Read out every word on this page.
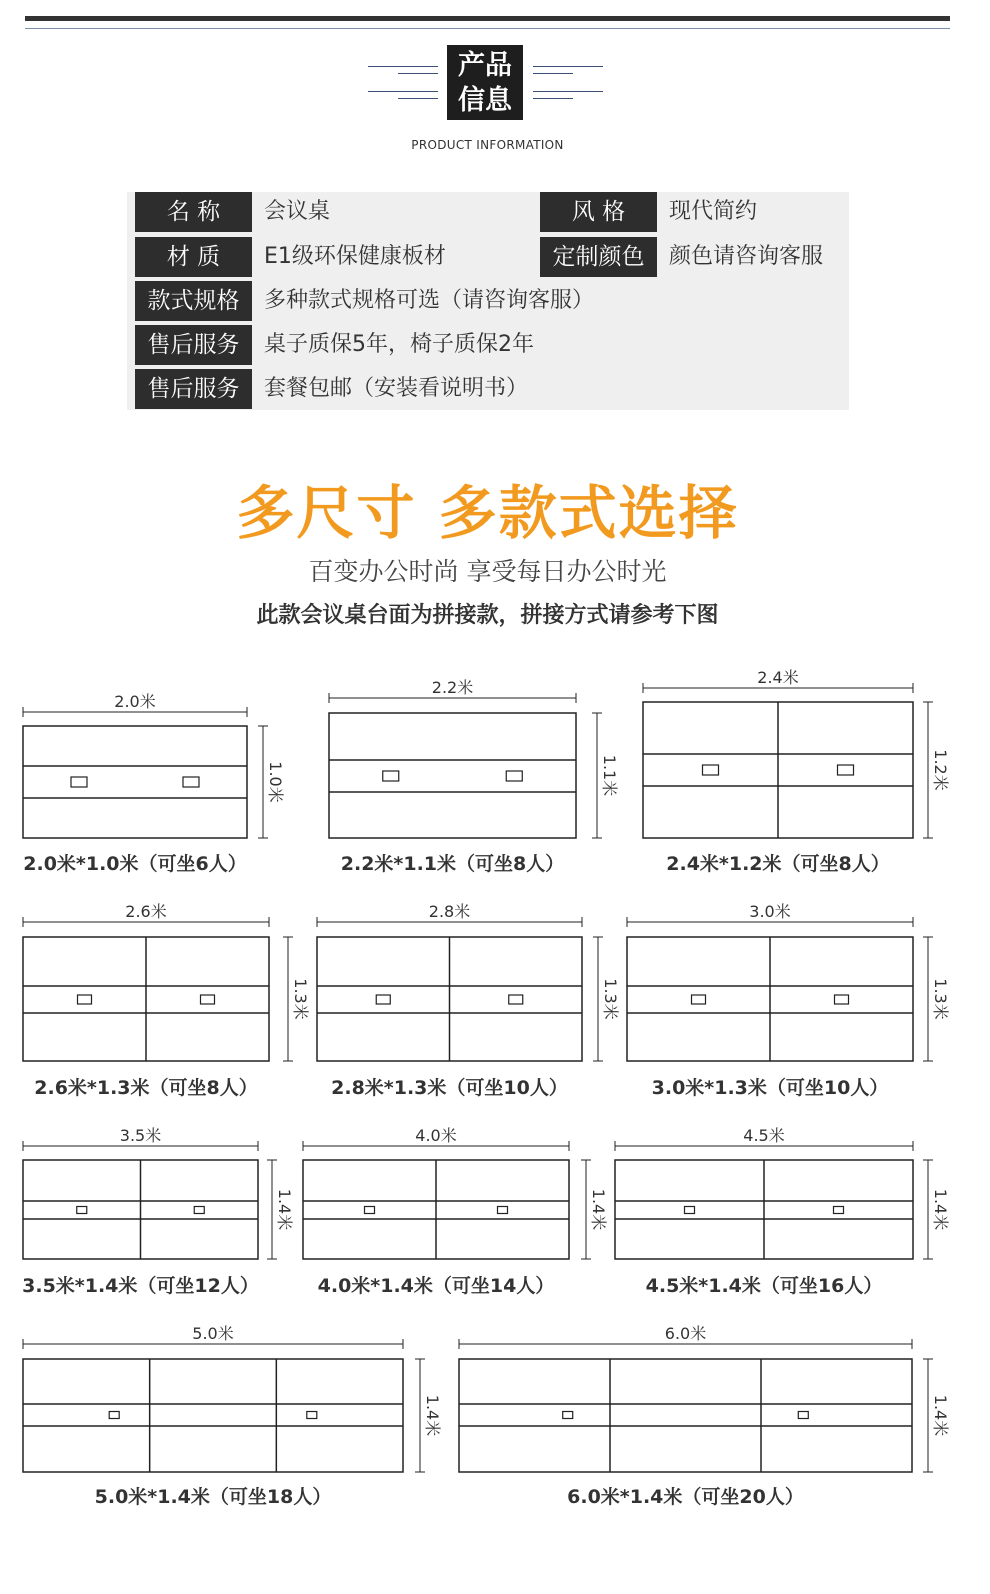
产品
信息
PRODUCT INFORMATION
名 称	会议桌	风 格	现代简约
材 质	E1级环保健康板材	定制颜色	颜色请咨询客服
款式规格	多种款式规格可选（请咨询客服）
售后服务	桌子质保5年，椅子质保2年
售后服务	套餐包邮（安装看说明书）
多尺寸 多款式选择
百变办公时尚 享受每日办公时光
此款会议桌台面为拼接款，拼接方式请参考下图
2.0米
1.0米
2.0米*1.0米（可坐6人）
2.2米
1.1米
2.2米*1.1米（可坐8人）
2.4米
1.2米
2.4米*1.2米（可坐8人）
2.6米
1.3米
2.6米*1.3米（可坐8人）
2.8米
1.3米
2.8米*1.3米（可坐10人）
3.0米
1.3米
3.0米*1.3米（可坐10人）
3.5米
1.4米
3.5米*1.4米（可坐12人）
4.0米
1.4米
4.0米*1.4米（可坐14人）
4.5米
1.4米
4.5米*1.4米（可坐16人）
5.0米
1.4米
5.0米*1.4米（可坐18人）
6.0米
1.4米
6.0米*1.4米（可坐20人）
